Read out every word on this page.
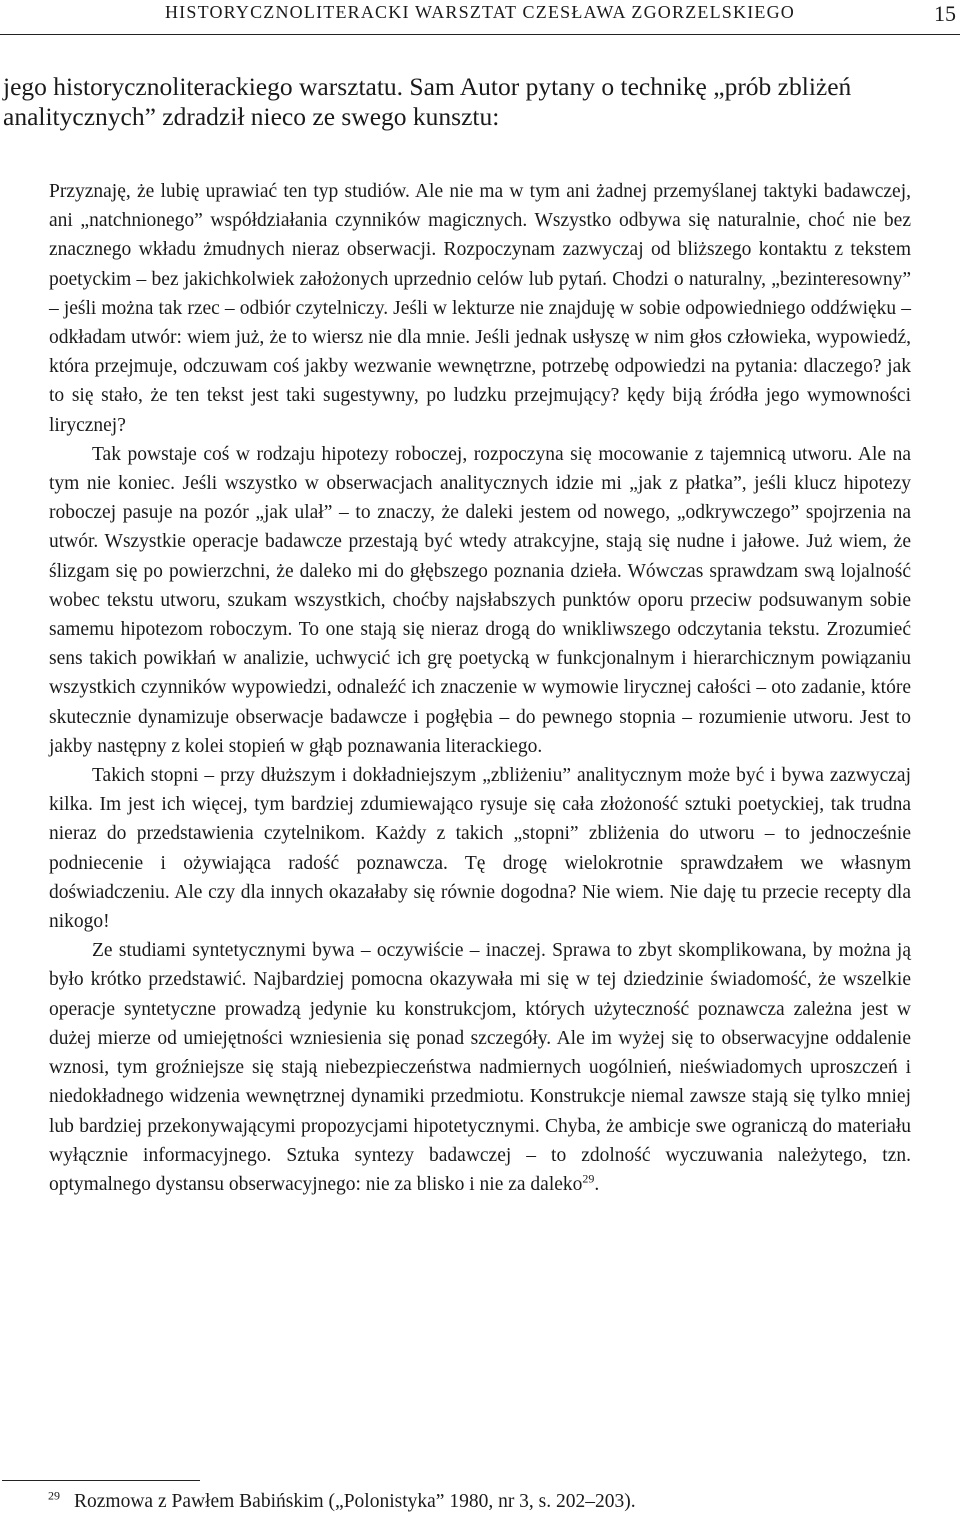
HISTORYCZNOLITERACKI WARSZTAT CZESŁAWA ZGORZELSKIEGO	15

jego historycznoliterackiego warsztatu. Sam Autor pytany o technikę „prób zbliżeń analitycznych” zdradził nieco ze swego kunsztu:

Przyznaję, że lubię uprawiać ten typ studiów. Ale nie ma w tym ani żadnej przemyślanej taktyki badawczej, ani „natchnionego” współdziałania czynników magicznych. Wszystko odbywa się naturalnie, choć nie bez znacznego wkładu żmudnych nieraz obserwacji. Rozpoczynam zazwyczaj od bliższego kontaktu z tekstem poetyckim – bez jakichkolwiek założonych uprzednio celów lub pytań. Chodzi o naturalny, „bezinteresowny” – jeśli można tak rzec – odbiór czytelniczy. Jeśli w lekturze nie znajduję w sobie odpowiedniego oddźwięku – odkładam utwór: wiem już, że to wiersz nie dla mnie. Jeśli jednak usłyszę w nim głos człowieka, wypowiedź, która przejmuje, odczuwam coś jakby wezwanie wewnętrzne, potrzebę odpowiedzi na pytania: dlaczego? jak to się stało, że ten tekst jest taki sugestywny, po ludzku przejmujący? kędy biją źródła jego wymowności lirycznej?

Tak powstaje coś w rodzaju hipotezy roboczej, rozpoczyna się mocowanie z tajemnicą utworu. Ale na tym nie koniec. Jeśli wszystko w obserwacjach analitycznych idzie mi „jak z płatka”, jeśli klucz hipotezy roboczej pasuje na pozór „jak ulał” – to znaczy, że daleki jestem od nowego, „odkrywczego” spojrzenia na utwór. Wszystkie operacje badawcze przestają być wtedy atrakcyjne, stają się nudne i jałowe. Już wiem, że ślizgam się po powierzchni, że daleko mi do głębszego poznania dzieła. Wówczas sprawdzam swą lojalność wobec tekstu utworu, szukam wszystkich, choćby najsłabszych punktów oporu przeciw podsuwanym sobie samemu hipotezom roboczym. To one stają się nieraz drogą do wnikliwszego odczytania tekstu. Zrozumieć sens takich powikłań w analizie, uchwycić ich grę poetycką w funkcjonalnym i hierarchicznym powiązaniu wszystkich czynników wypowiedzi, odnaleźć ich znaczenie w wymowie lirycznej całości – oto zadanie, które skutecznie dynamizuje obserwacje badawcze i pogłębia – do pewnego stopnia – rozumienie utworu. Jest to jakby następny z kolei stopień w głąb poznawania literackiego.

Takich stopni – przy dłuższym i dokładniejszym „zbliżeniu” analitycznym może być i bywa zazwyczaj kilka. Im jest ich więcej, tym bardziej zdumiewająco rysuje się cała złożoność sztuki poetyckiej, tak trudna nieraz do przedstawienia czytelnikom. Każdy z takich „stopni” zbliżenia do utworu – to jednocześnie podniecenie i ożywiająca radość poznawcza. Tę drogę wielokrotnie sprawdzałem we własnym doświadczeniu. Ale czy dla innych okazałaby się równie dogodna? Nie wiem. Nie daję tu przecie recepty dla nikogo!

Ze studiami syntetycznymi bywa – oczywiście – inaczej. Sprawa to zbyt skomplikowana, by można ją było krótko przedstawić. Najbardziej pomocna okazywała mi się w tej dziedzinie świadomość, że wszelkie operacje syntetyczne prowadzą jedynie ku konstrukcjom, których użyteczność poznawcza zależna jest w dużej mierze od umiejętności wzniesienia się ponad szczegóły. Ale im wyżej się to obserwacyjne oddalenie wznosi, tym groźniejsze się stają niebezpieczeństwa nadmiernych uogólnień, nieświadomych uproszczeń i niedokładnego widzenia wewnętrznej dynamiki przedmiotu. Konstrukcje niemal zawsze stają się tylko mniej lub bardziej przekonywającymi propozycjami hipotetycznymi. Chyba, że ambicje swe ograniczą do materiału wyłącznie informacyjnego. Sztuka syntezy badawczej – to zdolność wyczuwania należytego, tzn. optymalnego dystansu obserwacyjnego: nie za blisko i nie za daleko$^{29}$.

$^{29}$ Rozmowa z Pawłem Babińskim („Polonistyka” 1980, nr 3, s. 202–203).
